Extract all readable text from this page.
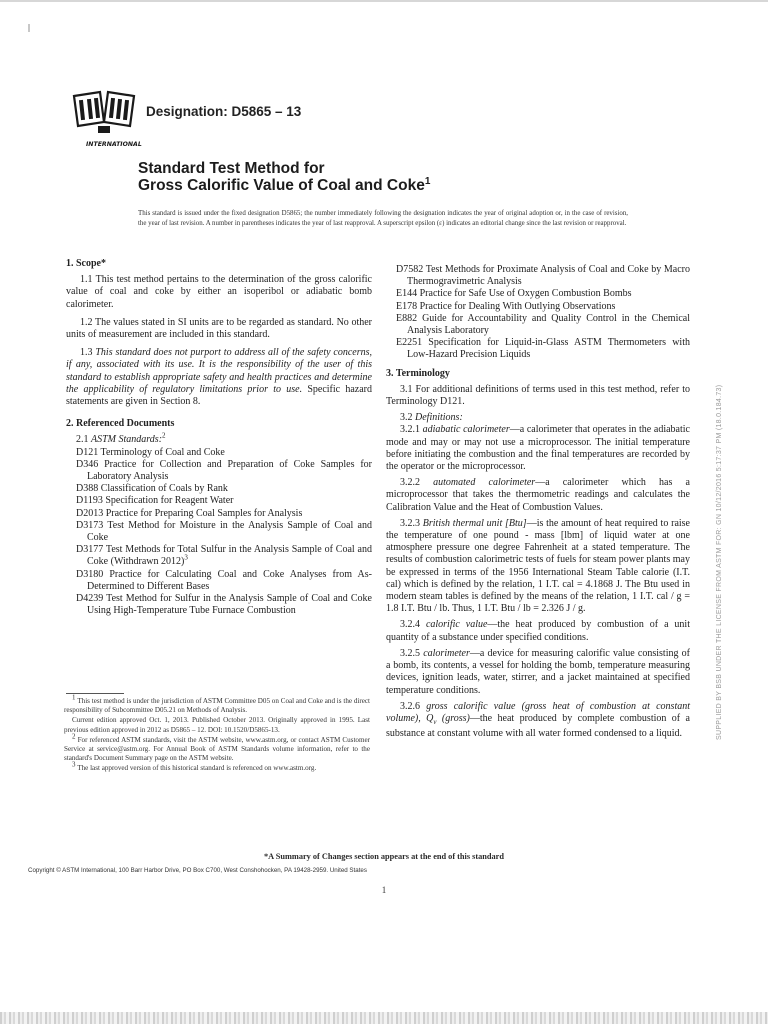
INTERNATIONAL
Designation: D5865 – 13
Standard Test Method for
Gross Calorific Value of Coal and Coke$^1$
This standard is issued under the fixed designation D5865; the number immediately following the designation indicates the year of original adoption or, in the case of revision, the year of last revision. A number in parentheses indicates the year of last reapproval. A superscript epsilon (ε) indicates an editorial change since the last revision or reapproval.

1. Scope*

1.1 This test method pertains to the determination of the gross calorific value of coal and coke by either an isoperibol or adiabatic bomb calorimeter.

1.2 The values stated in SI units are to be regarded as standard. No other units of measurement are included in this standard.

1.3 This standard does not purport to address all of the safety concerns, if any, associated with its use. It is the responsibility of the user of this standard to establish appropriate safety and health practices and determine the applicability of regulatory limitations prior to use. Specific hazard statements are given in Section 8.

2. Referenced Documents

2.1 ASTM Standards:$^2$

D121 Terminology of Coal and Coke

D346 Practice for Collection and Preparation of Coke Samples for Laboratory Analysis

D388 Classification of Coals by Rank

D1193 Specification for Reagent Water

D2013 Practice for Preparing Coal Samples for Analysis

D3173 Test Method for Moisture in the Analysis Sample of Coal and Coke

D3177 Test Methods for Total Sulfur in the Analysis Sample of Coal and Coke (Withdrawn 2012)$^3$

D3180 Practice for Calculating Coal and Coke Analyses from As-Determined to Different Bases

D4239 Test Method for Sulfur in the Analysis Sample of Coal and Coke Using High-Temperature Tube Furnace Combustion

D7582 Test Methods for Proximate Analysis of Coal and Coke by Macro Thermogravimetric Analysis

E144 Practice for Safe Use of Oxygen Combustion Bombs

E178 Practice for Dealing With Outlying Observations

E882 Guide for Accountability and Quality Control in the Chemical Analysis Laboratory

E2251 Specification for Liquid-in-Glass ASTM Thermometers with Low-Hazard Precision Liquids

3. Terminology

3.1 For additional definitions of terms used in this test method, refer to Terminology D121.

3.2 Definitions:

3.2.1 adiabatic calorimeter—a calorimeter that operates in the adiabatic mode and may or may not use a microprocessor. The initial temperature before initiating the combustion and the final temperatures are recorded by the operator or the microprocessor.

3.2.2 automated calorimeter—a calorimeter which has a microprocessor that takes the thermometric readings and calculates the Calibration Value and the Heat of Combustion Values.

3.2.3 British thermal unit [Btu]—is the amount of heat required to raise the temperature of one pound - mass [lbm] of liquid water at one atmosphere pressure one degree Fahrenheit at a stated temperature. The results of combustion calorimetric tests of fuels for steam power plants may be expressed in terms of the 1956 International Steam Table calorie (I.T. cal) which is defined by the relation, 1 I.T. cal = 4.1868 J. The Btu used in modern steam tables is defined by the means of the relation, 1 I.T. cal / g = 1.8 I.T. Btu / lb. Thus, 1 I.T. Btu / lb = 2.326 J / g.

3.2.4 calorific value—the heat produced by combustion of a unit quantity of a substance under specified conditions.

3.2.5 calorimeter—a device for measuring calorific value consisting of a bomb, its contents, a vessel for holding the bomb, temperature measuring devices, ignition leads, water, stirrer, and a jacket maintained at specified temperature conditions.

3.2.6 gross calorific value (gross heat of combustion at constant volume), $Q_v$ (gross)—the heat produced by complete combustion of a substance at constant volume with all water formed condensed to a liquid.

$^1$ This test method is under the jurisdiction of ASTM Committee D05 on Coal and Coke and is the direct responsibility of Subcommittee D05.21 on Methods of Analysis.

Current edition approved Oct. 1, 2013. Published October 2013. Originally approved in 1995. Last previous edition approved in 2012 as D5865 – 12. DOI: 10.1520/D5865-13.

$^2$ For referenced ASTM standards, visit the ASTM website, www.astm.org, or contact ASTM Customer Service at service@astm.org. For Annual Book of ASTM Standards volume information, refer to the standard's Document Summary page on the ASTM website.

$^3$ The last approved version of this historical standard is referenced on www.astm.org.

*A Summary of Changes section appears at the end of this standard
Copyright © ASTM International, 100 Barr Harbor Drive, PO Box C700, West Conshohocken, PA 19428-2959. United States
1
SUPPLIED BY BSB UNDER THE LICENSE FROM ASTM FOR: GN 10/12/2016 5:17:37 PM (18.0.184.73)
